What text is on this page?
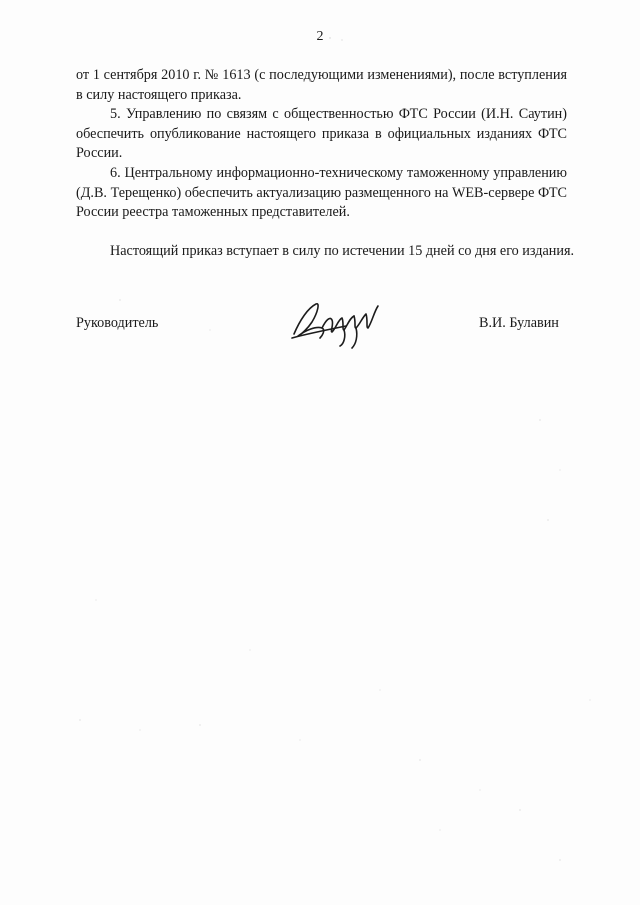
2

от 1 сентября 2010 г. № 1613 (с последующими изменениями), после вступления в силу настоящего приказа.

5. Управлению по связям с общественностью ФТС России (И.Н. Саутин) обеспечить опубликование настоящего приказа в официальных изданиях ФТС России.

6. Центральному информационно-техническому таможенному управлению (Д.В. Терещенко) обеспечить актуализацию размещенного на WEB-сервере ФТС России реестра таможенных представителей.

Настоящий приказ вступает в силу по истечении 15 дней со дня его издания.
Руководитель	В.И. Булавин
